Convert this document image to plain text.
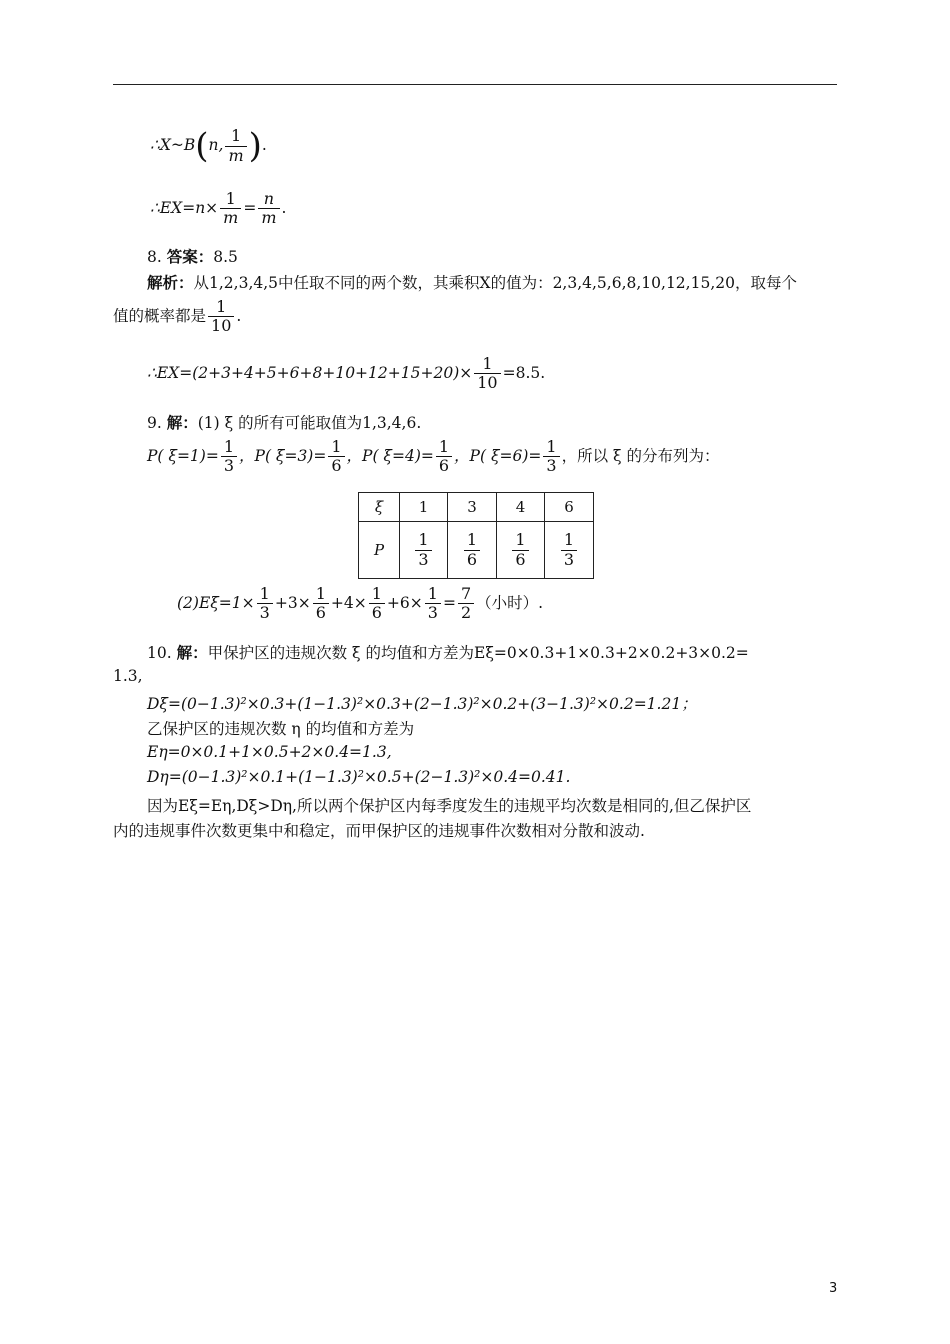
∴X~B(n, $\frac{1}{m}$ ).
∴EX=n× $\frac{1}{m} = \frac{n}{m}$ .
8. 答案：8.5
解析：从1,2,3,4,5中任取不同的两个数，其乘积X的值为：2,3,4,5,6,8,10,12,15,20，取每个
值的概率都是 $\frac{1}{10}$ .
∴EX=(2+3+4+5+6+8+10+12+15+20)× $\frac{1}{10} =8.5$.
9. 解：(1) ξ 的所有可能取值为1,3,4,6.
P( $\xi=1)= \frac{1}{3}$ ，P( $\xi=3)= \frac{1}{6}$ ，P( $\xi=4)= \frac{1}{6}$ ，P( $\xi=6)= \frac{1}{3}$ ，所以 ξ 的分布列为：
ξ	1	3	4	6
P	$\frac{1}{3}$	$\frac{1}{6}$	$\frac{1}{6}$	$\frac{1}{3}$
$(2)E\xi=1\times \frac{1}{3} +3\times \frac{1}{6} +4\times \frac{1}{6} +6\times \frac{1}{3} = \frac{7}{2}$ （小时）.
10. 解：甲保护区的违规次数 ξ 的均值和方差为Eξ=0×0.3+1×0.3+2×0.2+3×0.2=
1.3,
Dξ=(0−1.3)²×0.3+(1−1.3)²×0.3+(2−1.3)²×0.2+(3−1.3)²×0.2=1.21；
乙保护区的违规次数 η 的均值和方差为
Eη=0×0.1+1×0.5+2×0.4=1.3,
Dη=(0−1.3)²×0.1+(1−1.3)²×0.5+(2−1.3)²×0.4=0.41.
因为Eξ=Eη,Dξ>Dη,所以两个保护区内每季度发生的违规平均次数是相同的,但乙保护区
内的违规事件次数更集中和稳定，而甲保护区的违规事件次数相对分散和波动.
3
